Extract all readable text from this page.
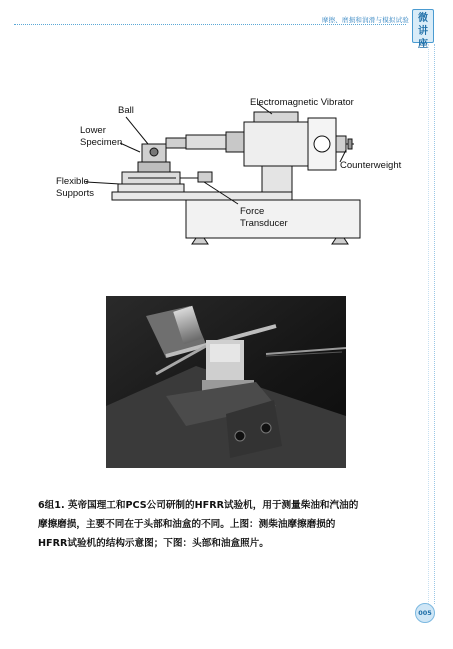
摩擦、磨损和润滑与模拟试验 微
讲
座
Ball
Lower
Specimen
Flexible
Supports
Electromagnetic Vibrator
Counterweight
Force
Transducer

6组1. 英帝国理工和PCS公司研制的HFRR试验机，用于测量柴油和汽油的

摩擦磨损，主要不同在于头部和油盒的不同。上图：测柴油摩擦磨损的

HFRR试验机的结构示意图；下图：头部和油盒照片。

005
